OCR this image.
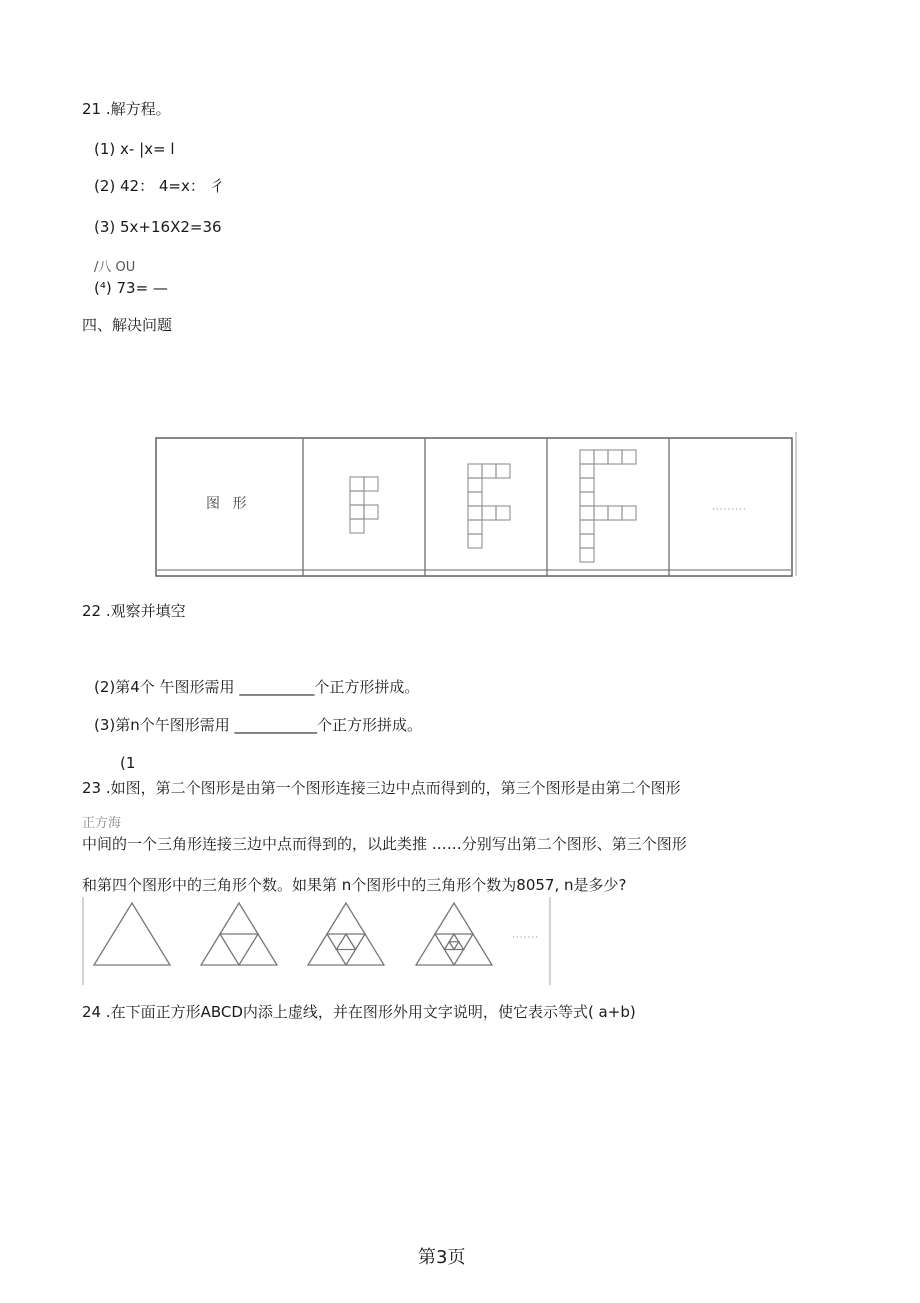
21 .解方程。
(1) x- |x= l
(2) 42： 4=x： 彳
(3) 5x+16X2=36
/八 OU
(⁴) 73= —
四、解决问题
图 形	·········
22 .观察并填空
(2)第4个 午图形需用 __________个正方形拼成。
(3)第n个午图形需用 ___________个正方形拼成。
(1
23 .如图，第二个图形是由第一个图形连接三边中点而得到的，第三个图形是由第二个图形
正方海
中间的一个三角形连接三边中点而得到的，以此类推 ……分别写出第二个图形、第三个图形
和第四个图形中的三角形个数。如果第 n个图形中的三角形个数为8057, n是多少?
·······
24 .在下面正方形ABCD内添上虚线，并在图形外用文字说明，使它表示等式( a+b)
第3页
